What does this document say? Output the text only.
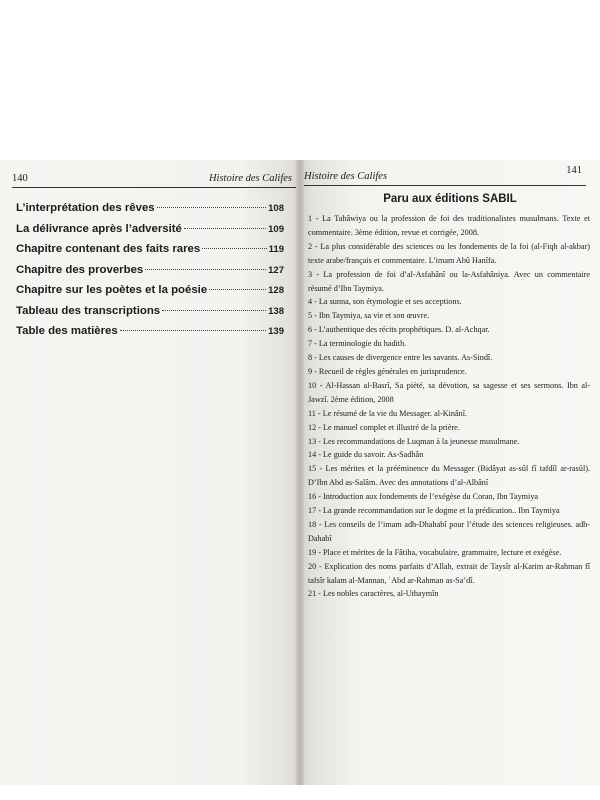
140	Histoire des Califes
L’interprétation des rêves	108
La délivrance après l’adversité	109
Chapitre contenant des faits rares	119
Chapitre des proverbes	127
Chapitre sur les poètes et la poésie	128
Tableau des transcriptions	138
Table des matières	139
Histoire des Califes
141
Paru aux éditions SABIL
1 - La Tahâwiya ou la profession de foi des traditionalistes musulmans. Texte et commentaire. 3ème édition, revue et corrigée, 2008.
2 - La plus considérable des sciences ou les fondements de la foi (al-Fiqh al-akbar) texte arabe/français et commentaire. L’imam Abû Hanîfa.
3 - La profession de foi d’al-Asfahânî ou la-Asfahâniya. Avec un commentaire résumé d’Ibn Taymiya.
4 - La sunna, son étymologie et ses acceptions.
5 - Ibn Taymiya, sa vie et son œuvre.
6 - L’authentique des récits prophétiques. D. al-Achqar.
7 - La terminologie du hadith.
8 - Les causes de divergence entre les savants. As-Sindî.
9 - Recueil de règles générales en jurisprudence.
10 - Al-Hassan al-Basrî, Sa piété, sa dévotion, sa sagesse et ses sermons. Ibn al-Jawzî. 2ème édition, 2008
11 - Le résumé de la vie du Messager. al-Kinânî.
12 - Le manuel complet et illustré de la prière.
13 - Les recommandations de Luqman à la jeunesse musulmane.
14 - Le guide du savoir. As-Sadhân
15 - Les mérites et la prééminence du Messager (Bidâyat as-sûl fî tafdîl ar-rasûl). D’Ibn Abd as-Salâm. Avec des annotations d’al-Albânî
16 - Introduction aux fondements de l’exégèse du Coran, Ibn Taymiya
17 - La grande recommandation sur le dogme et la prédication.. Ibn Taymiya
18 - Les conseils de l’imam adh-Dhahabî pour l’étude des sciences religieuses. adh-Dahabî
19 - Place et mérites de la Fâtiha, vocabulaire, grammaire, lecture et exégèse.
20 - Explication des noms parfaits d’Allah, extrait de Taysîr al-Karim ar-Rahman fî tafsîr kalam al-Mannan, ʿAbd ar-Rahman as-Sa’dî.
21 - Les nobles caractères, al-Uthaymîn
